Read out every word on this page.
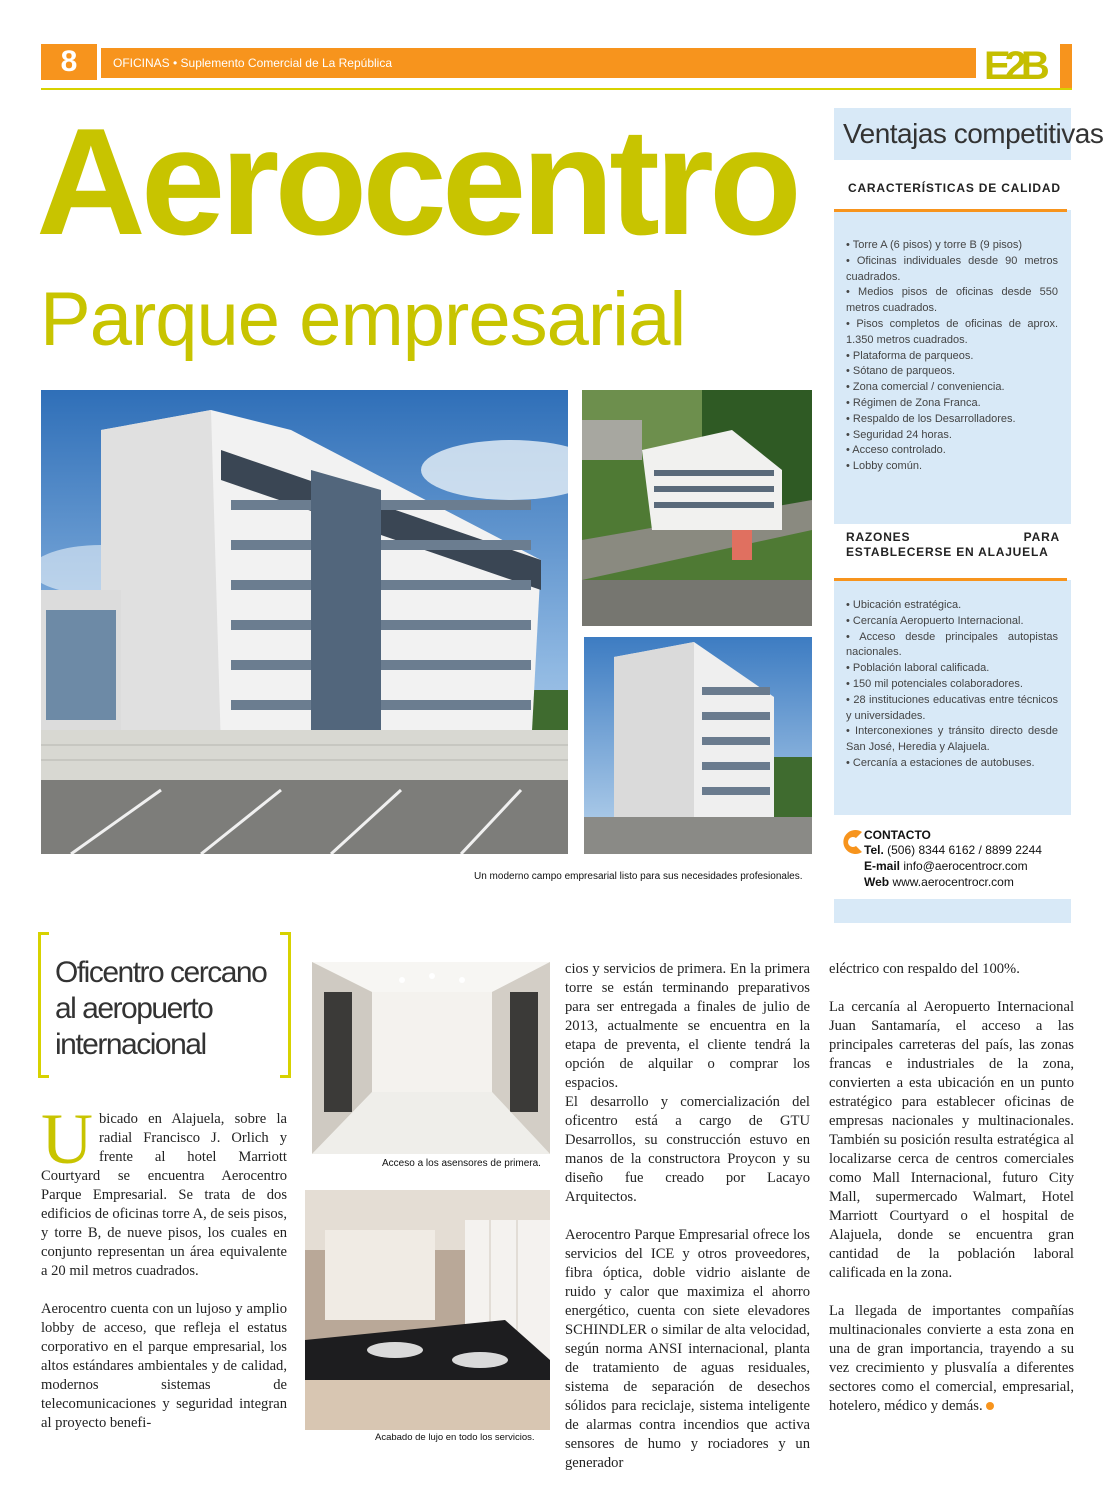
8	OFICINAS • Suplemento Comercial de La República	E2B
Aerocentro
Parque empresarial
Un moderno campo empresarial listo para sus necesidades profesionales.
Ventajas competitivas
CARACTERÍSTICAS DE CALIDAD
• Torre A (6 pisos) y torre B (9 pisos)
• Oficinas individuales desde 90 metros cuadrados.
• Medios pisos de oficinas desde 550 metros cuadrados.
• Pisos completos de oficinas de aprox. 1.350 metros cuadrados.
• Plataforma de parqueos.
• Sótano de parqueos.
• Zona comercial / conveniencia.
• Régimen de Zona Franca.
• Respaldo de los Desarrolladores.
• Seguridad 24 horas.
• Acceso controlado.
• Lobby común.
RAZONES PARA ESTABLECERSE EN ALAJUELA
• Ubicación estratégica.
• Cercanía Aeropuerto Internacional.
• Acceso desde principales autopistas nacionales.
• Población laboral calificada.
• 150 mil potenciales colaboradores.
• 28 instituciones educativas entre técnicos y universidades.
• Interconexiones y tránsito directo desde San José, Heredia y Alajuela.
• Cercanía a estaciones de autobuses.
CONTACTO
Tel. (506) 8344 6162 / 8899 2244
E-mail info@aerocentrocr.com
Web www.aerocentrocr.com
Oficentro cercano al aeropuerto internacional

Ubicado en Alajuela, sobre la radial Francisco J. Orlich y frente al hotel Marriott Courtyard se encuentra Aerocentro Parque Empresarial. Se trata de dos edificios de oficinas torre A, de seis pisos, y torre B, de nueve pisos, los cuales en conjunto representan un área equivalente a 20 mil metros cuadrados.

Aerocentro cuenta con un lujoso y amplio lobby de acceso, que refleja el estatus corporativo en el parque empresarial, los altos estándares ambientales y de calidad, modernos sistemas de telecomunicaciones y seguridad integran al proyecto benefi-

Acceso a los asensores de primera.
Acabado de lujo en todo los servicios.

cios y servicios de primera. En la primera torre se están terminando preparativos para ser entregada a finales de julio de 2013, actualmente se encuentra en la etapa de preventa, el cliente tendrá la opción de alquilar o comprar los espacios.

El desarrollo y comercialización del oficentro está a cargo de GTU Desarrollos, su construcción estuvo en manos de la constructora Proycon y su diseño fue creado por Lacayo Arquitectos.

Aerocentro Parque Empresarial ofrece los servicios del ICE y otros proveedores, fibra óptica, doble vidrio aislante de ruido y calor que maximiza el ahorro energético, cuenta con siete elevadores SCHINDLER o similar de alta velocidad, según norma ANSI internacional, planta de tratamiento de aguas residuales, sistema de separación de desechos sólidos para reciclaje, sistema inteligente de alarmas contra incendios que activa sensores de humo y rociadores y un generador

eléctrico con respaldo del 100%.

La cercanía al Aeropuerto Internacional Juan Santamaría, el acceso a las principales carreteras del país, las zonas francas e industriales de la zona, convierten a esta ubicación en un punto estratégico para establecer oficinas de empresas nacionales y multinacionales. También su posición resulta estratégica al localizarse cerca de centros comerciales como Mall Internacional, futuro City Mall, supermercado Walmart, Hotel Marriott Courtyard o el hospital de Alajuela, donde se encuentra gran cantidad de la población laboral calificada en la zona.

La llegada de importantes compañías multinacionales convierte a esta zona en una de gran importancia, trayendo a su vez crecimiento y plusvalía a diferentes sectores como el comercial, empresarial, hotelero, médico y demás.
